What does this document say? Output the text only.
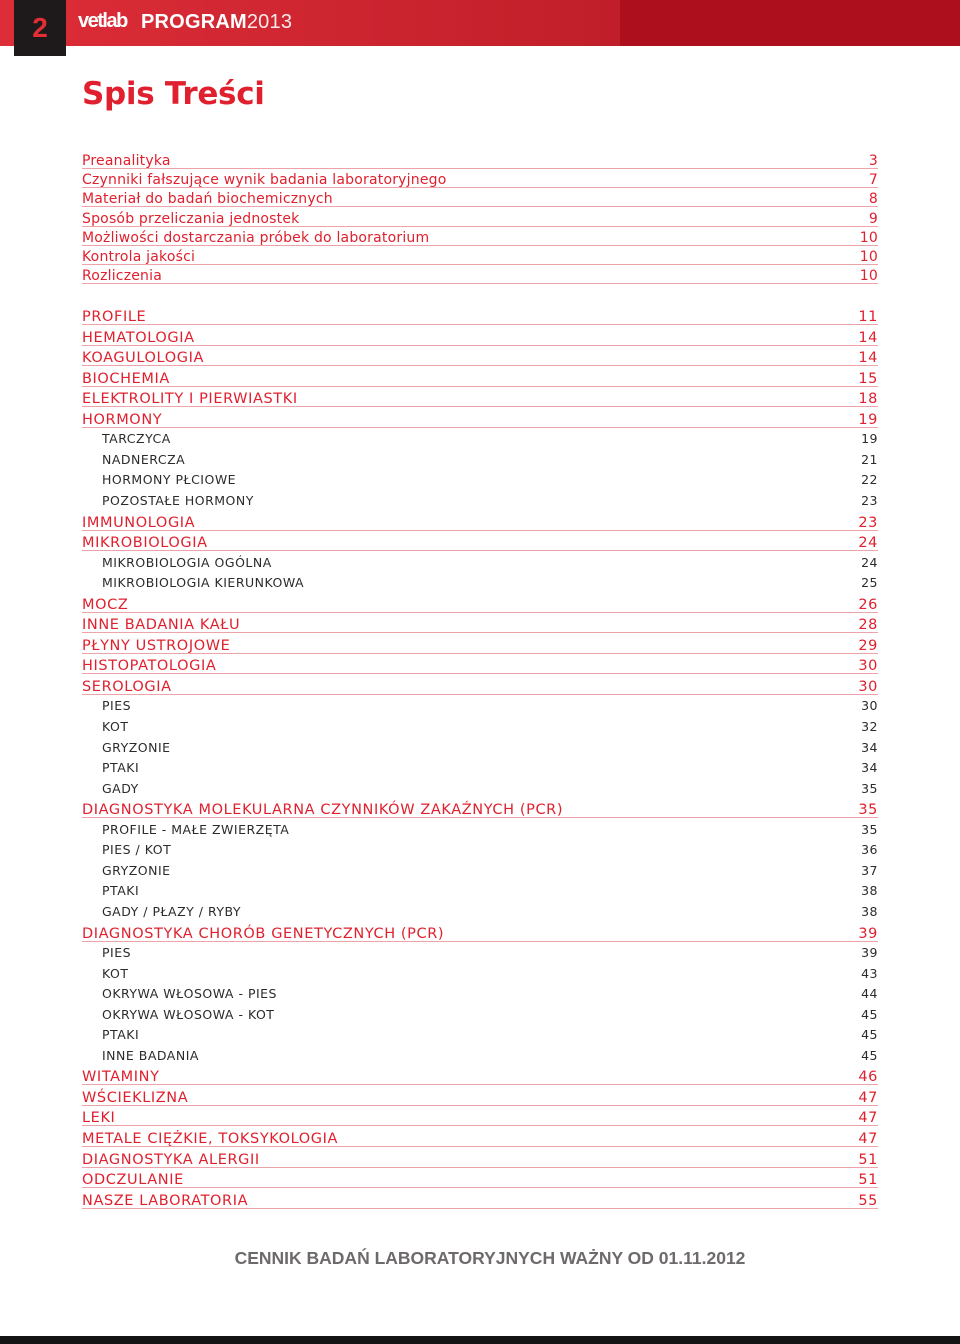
2	vetlab PROGRAM2013
Spis Treści
Preanalityka	3
Czynniki fałszujące wynik badania laboratoryjnego	7
Materiał do badań biochemicznych	8
Sposób przeliczania jednostek	9
Możliwości dostarczania próbek do laboratorium	10
Kontrola jakości	10
Rozliczenia	10
PROFILE	11
HEMATOLOGIA	14
KOAGULOLOGIA	14
BIOCHEMIA	15
ELEKTROLITY I PIERWIASTKI	18
HORMONY	19
TARCZYCA	19
NADNERCZA	21
HORMONY PŁCIOWE	22
POZOSTAŁE HORMONY	23
IMMUNOLOGIA	23
MIKROBIOLOGIA	24
MIKROBIOLOGIA OGÓLNA	24
MIKROBIOLOGIA KIERUNKOWA	25
MOCZ	26
INNE BADANIA KAŁU	28
PŁYNY USTROJOWE	29
HISTOPATOLOGIA	30
SEROLOGIA	30
PIES	30
KOT	32
GRYZONIE	34
PTAKI	34
GADY	35
DIAGNOSTYKA MOLEKULARNA CZYNNIKÓW ZAKAŹNYCH (PCR)	35
PROFILE - MAŁE ZWIERZĘTA	35
PIES / KOT	36
GRYZONIE	37
PTAKI	38
GADY / PŁAZY / RYBY	38
DIAGNOSTYKA CHORÓB GENETYCZNYCH (PCR)	39
PIES	39
KOT	43
OKRYWA WŁOSOWA - PIES	44
OKRYWA WŁOSOWA - KOT	45
PTAKI	45
INNE BADANIA	45
WITAMINY	46
WŚCIEKLIZNA	47
LEKI	47
METALE CIĘŻKIE, TOKSYKOLOGIA	47
DIAGNOSTYKA ALERGII	51
ODCZULANIE	51
NASZE LABORATORIA	55
CENNIK BADAŃ LABORATORYJNYCH WAŻNY OD 01.11.2012
